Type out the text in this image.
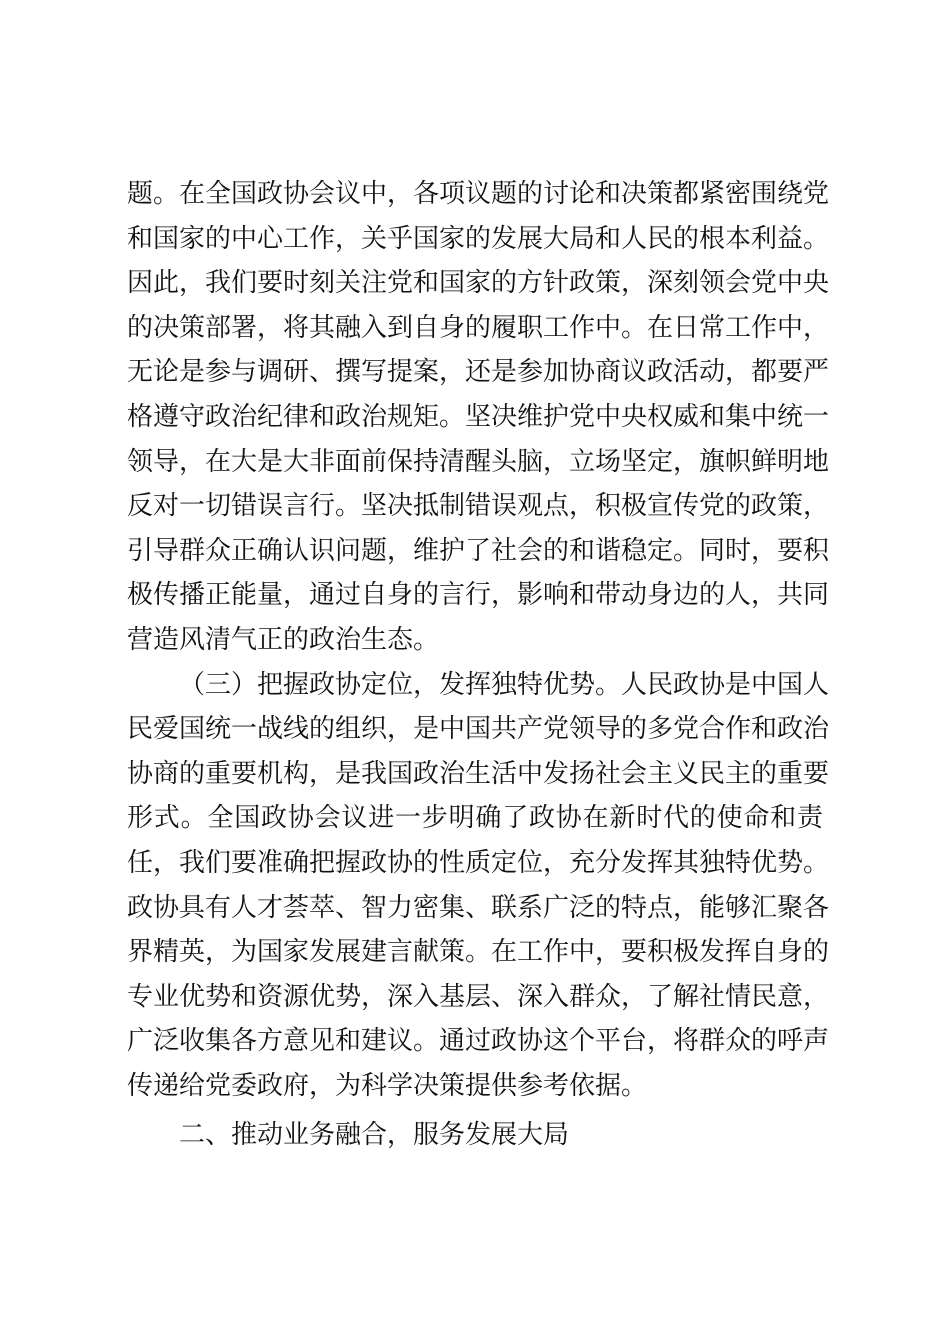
题。在全国政协会议中，各项议题的讨论和决策都紧密围绕党
和国家的中心工作，关乎国家的发展大局和人民的根本利益。
因此，我们要时刻关注党和国家的方针政策，深刻领会党中央
的决策部署，将其融入到自身的履职工作中。在日常工作中，
无论是参与调研、撰写提案，还是参加协商议政活动，都要严
格遵守政治纪律和政治规矩。坚决维护党中央权威和集中统一
领导，在大是大非面前保持清醒头脑，立场坚定，旗帜鲜明地
反对一切错误言行。坚决抵制错误观点，积极宣传党的政策，
引导群众正确认识问题，维护了社会的和谐稳定。同时，要积
极传播正能量，通过自身的言行，影响和带动身边的人，共同
营造风清气正的政治生态。
（三）把握政协定位，发挥独特优势。人民政协是中国人
民爱国统一战线的组织，是中国共产党领导的多党合作和政治
协商的重要机构，是我国政治生活中发扬社会主义民主的重要
形式。全国政协会议进一步明确了政协在新时代的使命和责
任，我们要准确把握政协的性质定位，充分发挥其独特优势。
政协具有人才荟萃、智力密集、联系广泛的特点，能够汇聚各
界精英，为国家发展建言献策。在工作中，要积极发挥自身的
专业优势和资源优势，深入基层、深入群众，了解社情民意，
广泛收集各方意见和建议。通过政协这个平台，将群众的呼声
传递给党委政府，为科学决策提供参考依据。
二、推动业务融合，服务发展大局
